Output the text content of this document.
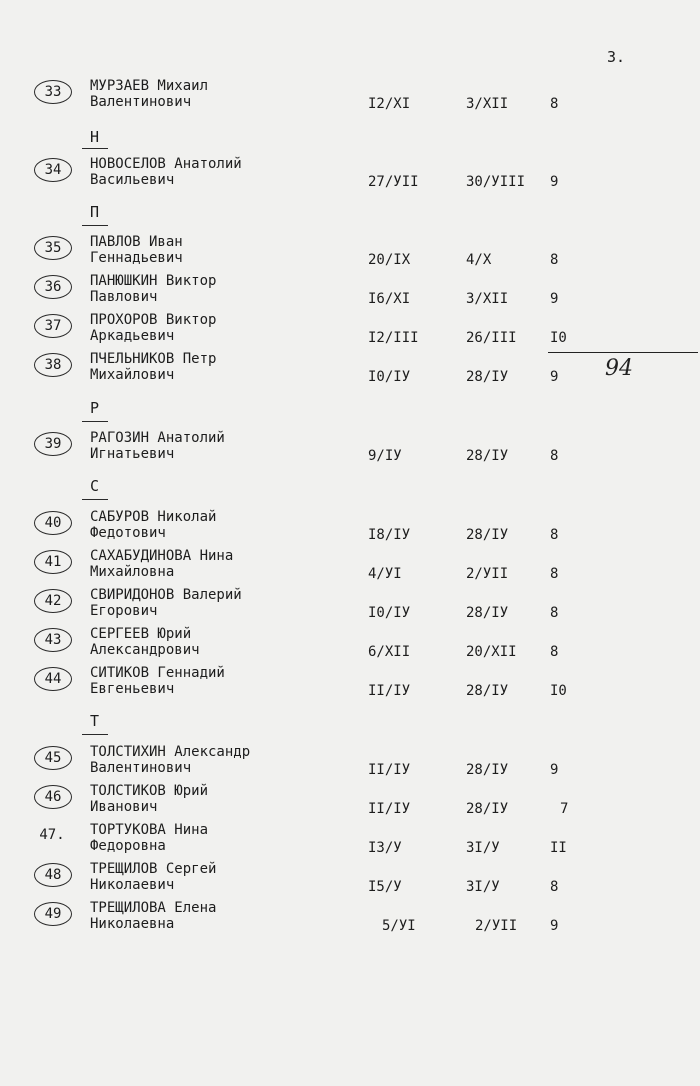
3.
Н
П
Р
С
Т
33	МУРЗАЕВ Михаил
Валентинович	I2/XI	3/XII	8
34	НОВОСЕЛОВ Анатолий
Васильевич	27/УII	30/УIII 9
35	ПАВЛОВ Иван
Геннадьевич	20/IX	4/X	8
36	ПАНЮШКИН Виктор
Павлович	I6/XI	3/XII	9
37	ПРОХОРОВ Виктор
Аркадьевич	I2/III	26/III I0
38	ПЧЕЛЬНИКОВ Петр
Михайлович	I0/IУ	28/IУ	9
39	РАГОЗИН Анатолий
Игнатьевич	9/IУ	28/IУ	8
40	САБУРОВ Николай
Федотович	I8/IУ	28/IУ	8
41	САХАБУДИНОВА Нина
Михайловна	4/УI	2/УII	8
42	СВИРИДОНОВ Валерий
Егорович	I0/IУ	28/IУ	8
43	СЕРГЕЕВ Юрий
Александрович	6/XII	20/XII 8
44	СИТИКОВ Геннадий
Евгеньевич	II/IУ	28/IУ	I0
45	ТОЛСТИХИН Александр
Валентинович	II/IУ	28/IУ	9
46	ТОЛСТИКОВ Юрий
Иванович	II/IУ	28/IУ	7
47.	ТОРТУКОВА Нина
Федоровна	I3/У	3I/У	II
48	ТРЕЩИЛОВ Сергей
Николаевич	I5/У	3I/У	8
49	ТРЕЩИЛОВА Елена
Николаевна	5/УI	2/УII 9
94
